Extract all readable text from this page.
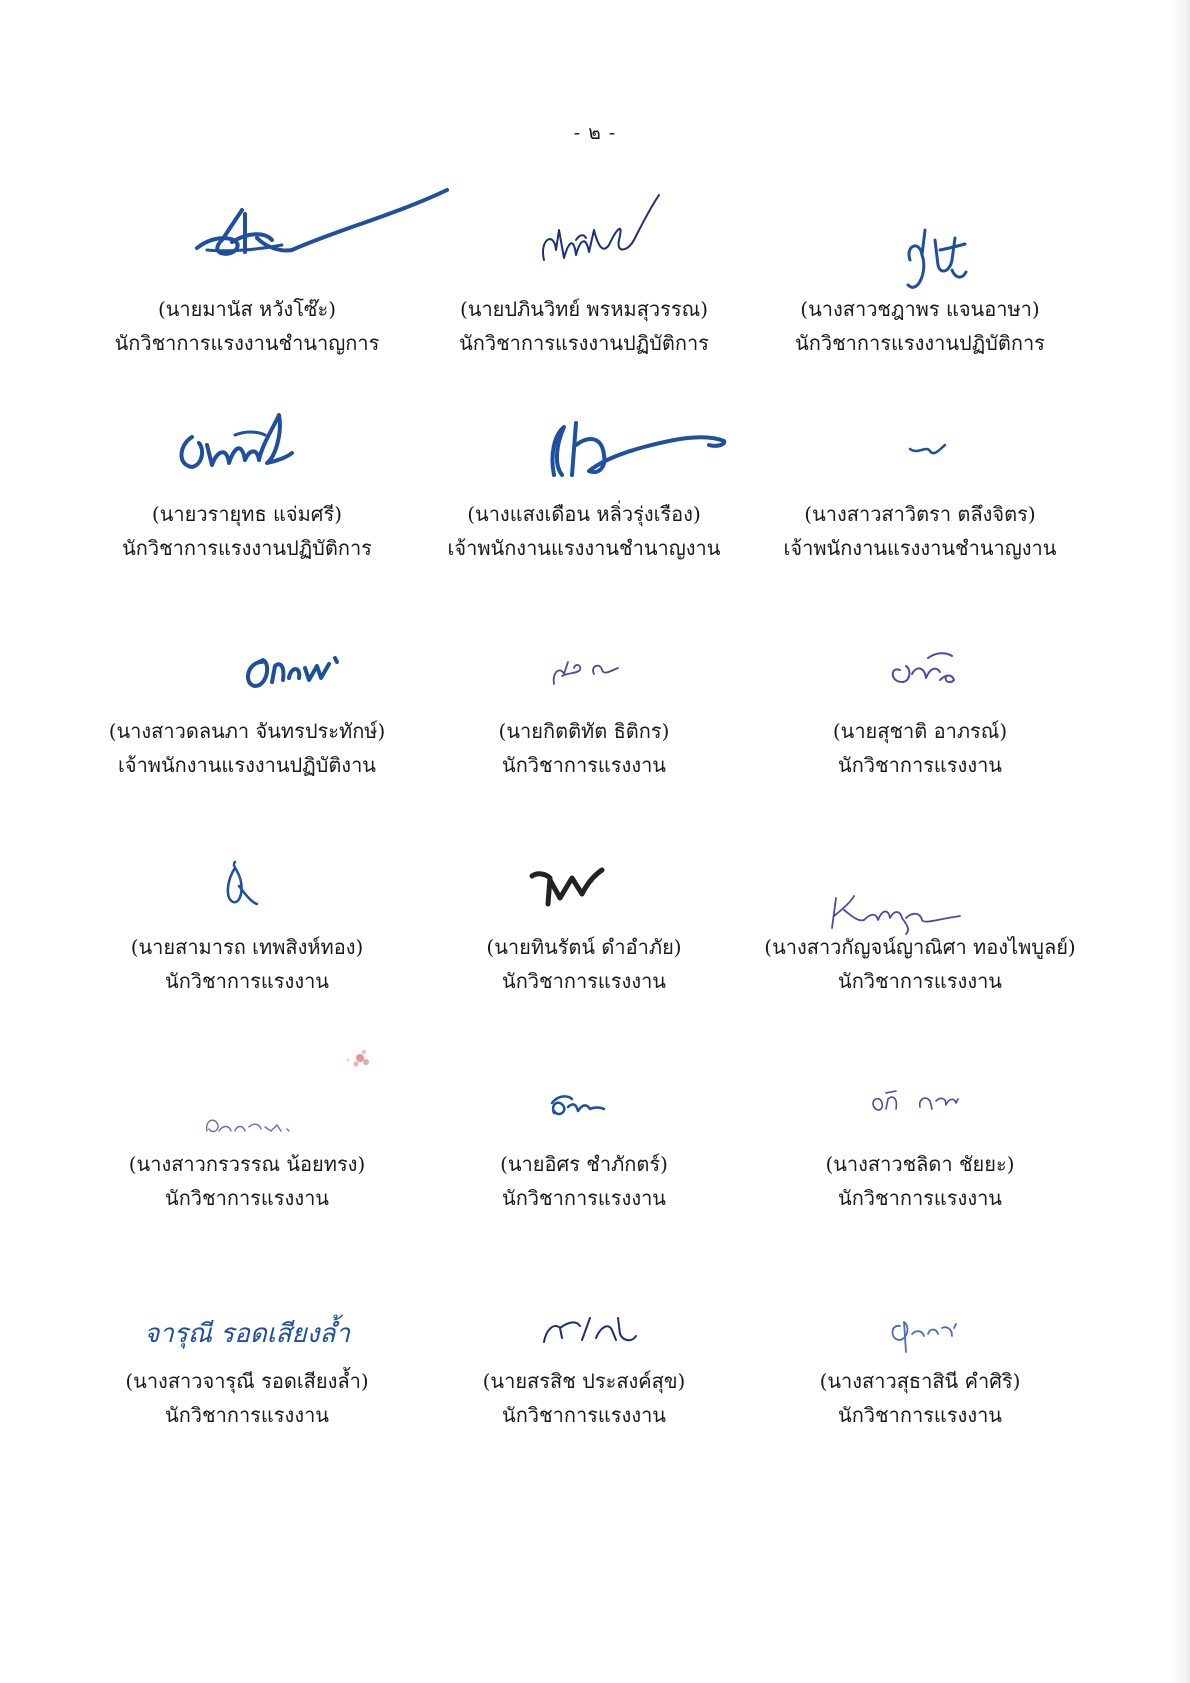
- ๒ -
(นายมานัส หวังโซ๊ะ)
นักวิชาการแรงงานชำนาญการ
(นายปภินวิทย์ พรหมสุวรรณ)
นักวิชาการแรงงานปฏิบัติการ
(นางสาวชฎาพร แจนอาษา)
นักวิชาการแรงงานปฏิบัติการ
(นายวรายุทธ แจ่มศรี)
นักวิชาการแรงงานปฏิบัติการ
(นางแสงเดือน หลิ่วรุ่งเรือง)
เจ้าพนักงานแรงงานชำนาญงาน
(นางสาวสาวิตรา ตลึงจิตร)
เจ้าพนักงานแรงงานชำนาญงาน
(นางสาวดลนภา จันทรประทักษ์)
เจ้าพนักงานแรงงานปฏิบัติงาน
(นายกิตติทัต ธิติกร)
นักวิชาการแรงงาน
(นายสุชาติ อาภรณ์)
นักวิชาการแรงงาน
(นายสามารถ เทพสิงห์ทอง)
นักวิชาการแรงงาน
(นายทินรัตน์ ดำอำภัย)
นักวิชาการแรงงาน
(นางสาวกัญจน์ญาณิศา ทองไพบูลย์)
นักวิชาการแรงงาน
(นางสาวกรวรรณ น้อยทรง)
นักวิชาการแรงงาน
(นายอิศร ชำภักตร์)
นักวิชาการแรงงาน
(นางสาวชลิดา ชัยยะ)
นักวิชาการแรงงาน
จารุณี รอดเสียงล้ำ
(นางสาวจารุณี รอดเสียงล้ำ)
นักวิชาการแรงงาน
(นายสรสิช ประสงค์สุข)
นักวิชาการแรงงาน
(นางสาวสุธาสินี คำศิริ)
นักวิชาการแรงงาน
